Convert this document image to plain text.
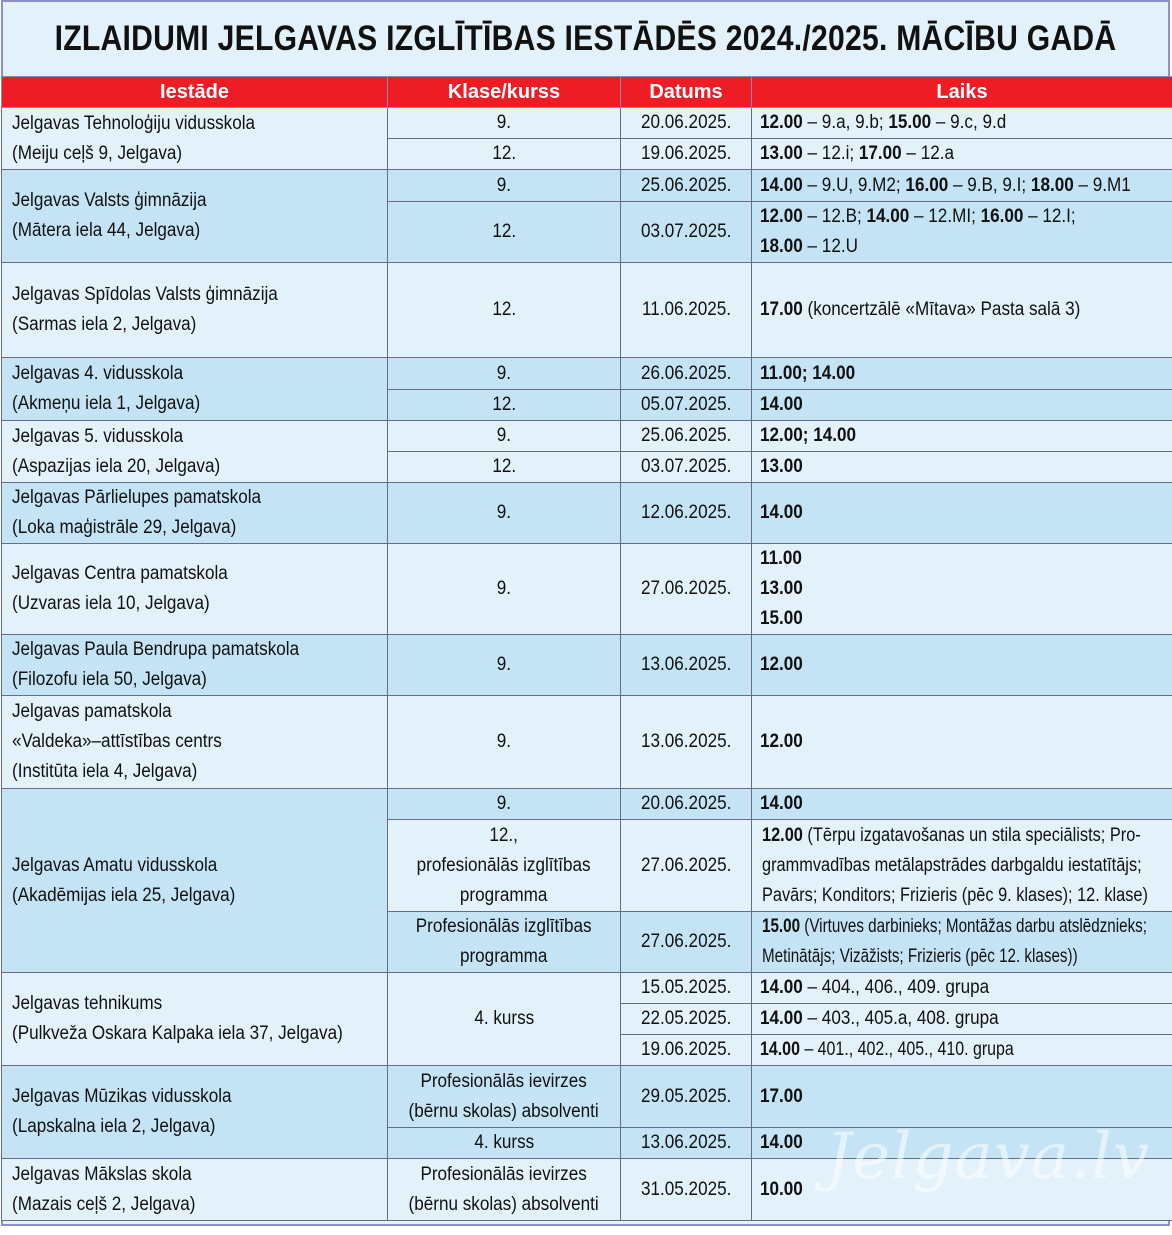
IZLAIDUMI JELGAVAS IZGLĪTĪBAS IESTĀDĒS 2024./2025. MĀCĪBU GADĀ
Iestāde	Klase/kurss	Datums	Laiks

Jelgavas Tehnoloģiju vidusskola
(Meiju ceļš 9, Jelgava)	9.	20.06.2025.	12.00 – 9.a, 9.b; 15.00 – 9.c, 9.d
	12.	19.06.2025.	13.00 – 12.i; 17.00 – 12.a

Jelgavas Valsts ģimnāzija
(Mātera iela 44, Jelgava)	9.	25.06.2025.	14.00 – 9.U, 9.M2; 16.00 – 9.B, 9.I; 18.00 – 9.M1
	12.	03.07.2025.	12.00 – 12.B; 14.00 – 12.MI; 16.00 – 12.I;
18.00 – 12.U

Jelgavas Spīdolas Valsts ģimnāzija
(Sarmas iela 2, Jelgava)	12.	11.06.2025.	17.00 (koncertzālē «Mītava» Pasta salā 3)

Jelgavas 4. vidusskola
(Akmeņu iela 1, Jelgava)	9.	26.06.2025.	11.00; 14.00
	12.	05.07.2025.	14.00

Jelgavas 5. vidusskola
(Aspazijas iela 20, Jelgava)	9.	25.06.2025.	12.00; 14.00
	12.	03.07.2025.	13.00

Jelgavas Pārlielupes pamatskola
(Loka maģistrāle 29, Jelgava)	9.	12.06.2025.	14.00

Jelgavas Centra pamatskola
(Uzvaras iela 10, Jelgava)	9.	27.06.2025.	11.00
13.00
15.00

Jelgavas Paula Bendrupa pamatskola
(Filozofu iela 50, Jelgava)	9.	13.06.2025.	12.00

Jelgavas pamatskola
«Valdeka»–attīstības centrs
(Institūta iela 4, Jelgava)	9.	13.06.2025.	12.00

Jelgavas Amatu vidusskola
(Akadēmijas iela 25, Jelgava)	9.	20.06.2025.	14.00

	12.,
profesionālās izglītības
programma	27.06.2025.	12.00 (Tērpu izgatavošanas un stila speciālists; Pro-
grammvadības metālapstrādes darbgaldu iestatītājs;
Pavārs; Konditors; Frizieris (pēc 9. klases); 12. klase)

	Profesionālās izglītības
programma	27.06.2025.	15.00 (Virtuves darbinieks; Montāžas darbu atslēdznieks;
Metinātājs; Vizāžists; Frizieris (pēc 12. klases))

Jelgavas tehnikums
(Pulkveža Oskara Kalpaka iela 37, Jelgava)	4. kurss	15.05.2025.	14.00 – 404., 406., 409. grupa
		22.05.2025.	14.00 – 403., 405.a, 408. grupa
		19.06.2025.	14.00 – 401., 402., 405., 410. grupa

Jelgavas Mūzikas vidusskola
(Lapskalna iela 2, Jelgava)	Profesionālās ievirzes
(bērnu skolas) absolventi	29.05.2025.	17.00
	4. kurss	13.06.2025.	14.00

Jelgavas Mākslas skola
(Mazais ceļš 2, Jelgava)	Profesionālās ievirzes
(bērnu skolas) absolventi	31.05.2025.	10.00 Jelgava.lv
